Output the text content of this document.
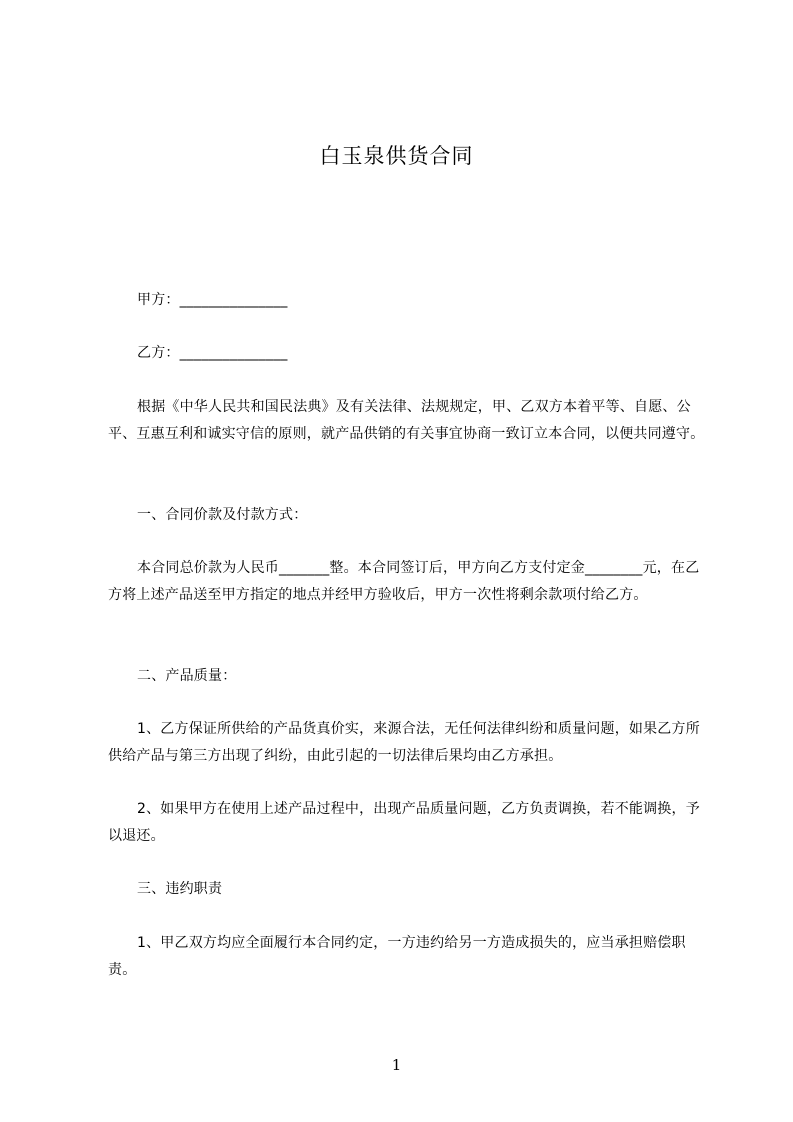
白玉泉供货合同
甲方：_______________
乙方：_______________

根据《中华人民共和国民法典》及有关法律、法规规定，甲、乙双方本着平等、自愿、公平、互惠互利和诚实守信的原则，就产品供销的有关事宜协商一致订立本合同，以便共同遵守。

一、合同价款及付款方式：

本合同总价款为人民币_______整。本合同签订后，甲方向乙方支付定金________元，在乙方将上述产品送至甲方指定的地点并经甲方验收后，甲方一次性将剩余款项付给乙方。

二、产品质量：

1、乙方保证所供给的产品货真价实，来源合法，无任何法律纠纷和质量问题，如果乙方所供给产品与第三方出现了纠纷，由此引起的一切法律后果均由乙方承担。

2、如果甲方在使用上述产品过程中，出现产品质量问题，乙方负责调换，若不能调换，予以退还。

三、违约职责

1、甲乙双方均应全面履行本合同约定，一方违约给另一方造成损失的，应当承担赔偿职责。

1
